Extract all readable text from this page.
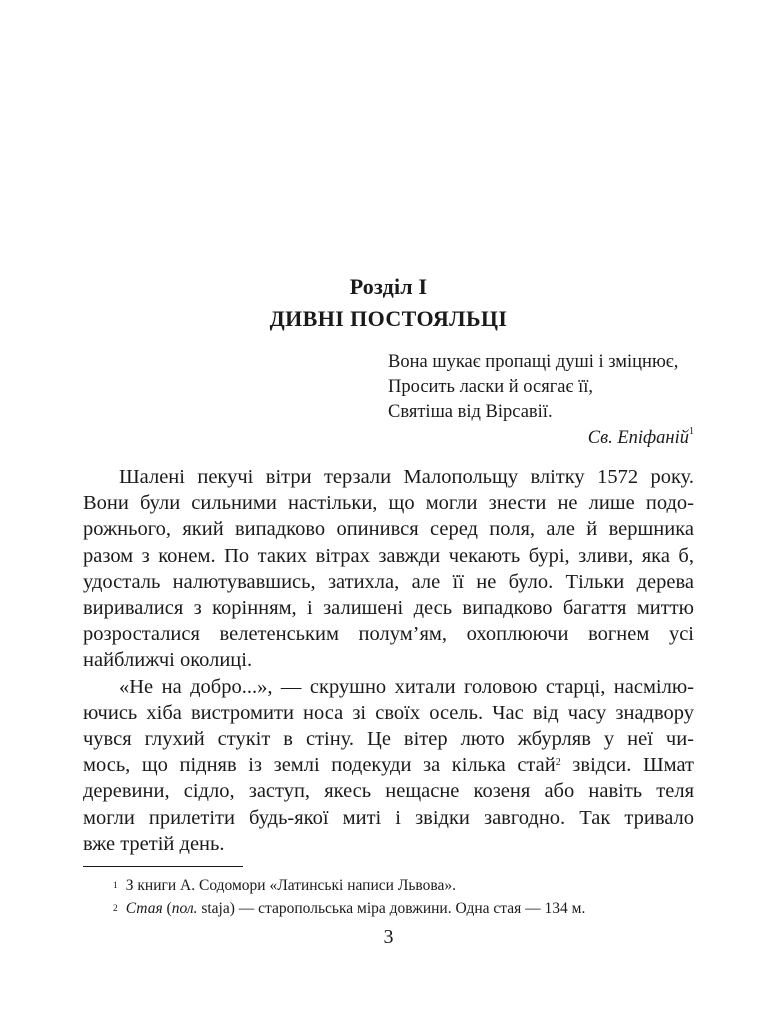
Розділ I
ДИВНІ ПОСТОЯЛЬЦІ
Вона шукає пропащі душі і зміцнює,
Просить ласки й осягає її,
Святіша від Вірсавії.
Св. Епіфаній$^1$

Шалені пекучі вітри терзали Малопольщу влітку 1572 року.
Вони були сильними настільки, що могли знести не лише подо-
рожнього, який випадково опинився серед поля, але й вершника
разом з конем. По таких вітрах завжди чекають бурі, зливи, яка б,
удосталь налютувавшись, затихла, але її не було. Тільки дерева
виривалися з корінням, і залишені десь випадково багаття миттю
розросталися велетенським полум’ям, охоплюючи вогнем усі
найближчі околиці.

«Не на добро...», — скрушно хитали головою старці, насмілю-
ючись хіба вистромити носа зі своїх осель. Час від часу знадвору
чувся глухий стукіт в стіну. Це вітер люто жбурляв у неї чи-
мось, що підняв із землі подекуди за кілька стай$^2$ звідси. Шмат
деревини, сідло, заступ, якесь нещасне козеня або навіть теля
могли прилетіти будь-якої миті і звідки завгодно. Так тривало
вже третій день.

$^1$ З книги А. Содомори «Латинські написи Львова».
$^2$ Стая (пол. staja) — старопольська міра довжини. Одна стая — 134 м.
3
